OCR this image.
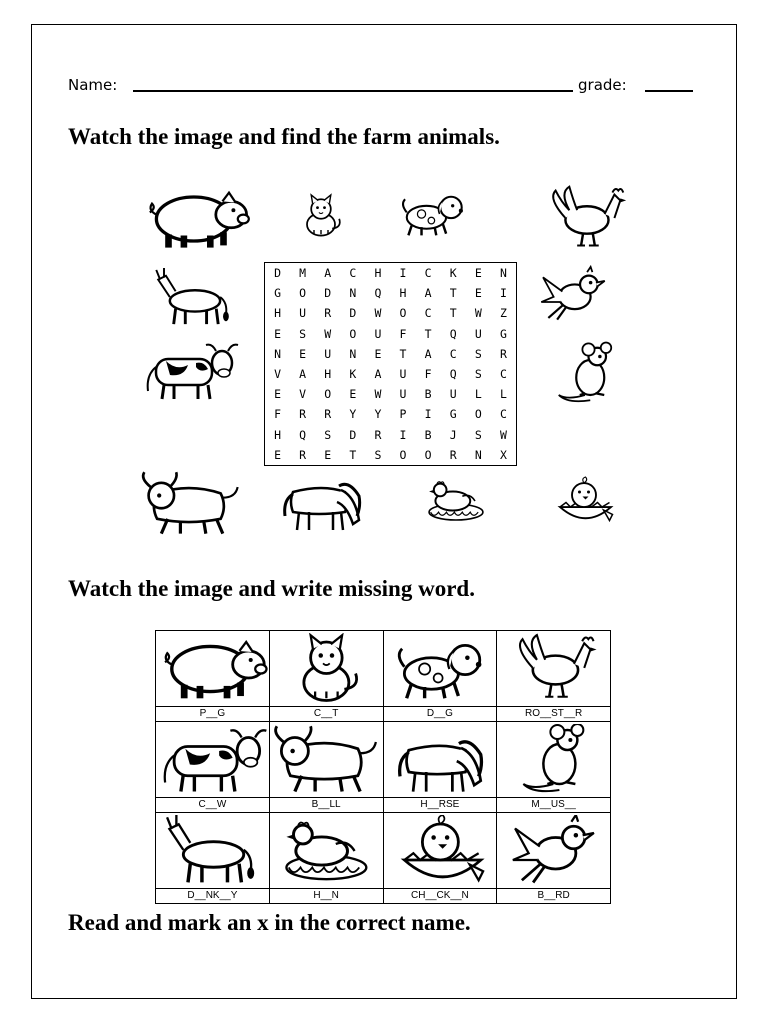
Name:	grade:
Watch the image and find the farm animals.
D	M	A	C	H	I	C	K	E	N
G	O	D	N	Q	H	A	T	E	I
H	U	R	D	W	O	C	T	W	Z
E	S	W	O	U	F	T	Q	U	G
N	E	U	N	E	T	A	C	S	R
V	A	H	K	A	U	F	Q	S	C
E	V	O	E	W	U	B	U	L	L
F	R	R	Y	Y	P	I	G	O	C
H	Q	S	D	R	I	B	J	S	W
E	R	E	T	S	O	O	R	N	X
Watch the image and write missing word.

P__G	C__T	D__G	RO__ST__R

C__W	B__LL	H__RSE	M__US__

D__NK__Y	H__N	CH__CK__N	B__RD
Read and mark an x in the correct name.
